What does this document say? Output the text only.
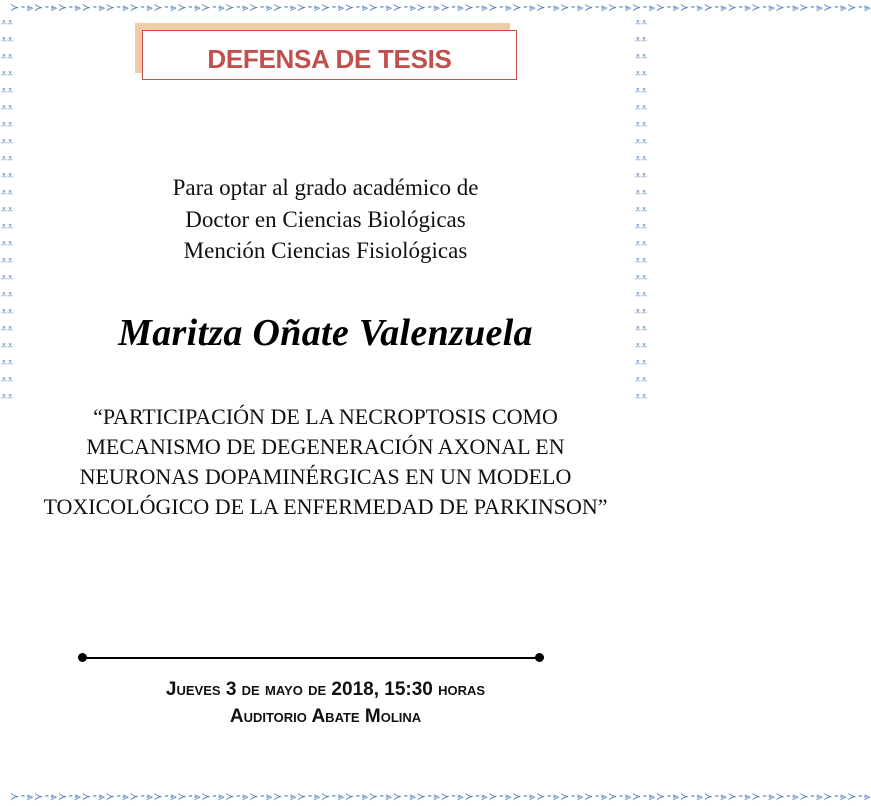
≻⁃⪢≻⁃⪢≻⁃⪢≻⁃⪢≻⁃⪢≻⁃⪢≻⁃⪢≻⁃⪢≻⁃⪢≻⁃⪢≻⁃⪢≻⁃⪢≻⁃⪢≻⁃⪢≻⁃⪢≻⁃⪢≻⁃⪢≻⁃⪢≻⁃⪢≻⁃⪢≻⁃⪢≻⁃⪢≻⁃⪢≻⁃⪢≻⁃⪢≻⁃⪢≻⁃⪢≻⁃⪢≻⁃⪢≻⁃⪢≻⁃⪢≻⁃⪢≻⁃⪢≻⁃⪢≻⁃⪢≻⁃⪢
≻⁃⪢≻⁃⪢≻⁃⪢≻⁃⪢≻⁃⪢≻⁃⪢≻⁃⪢≻⁃⪢≻⁃⪢≻⁃⪢≻⁃⪢≻⁃⪢≻⁃⪢≻⁃⪢≻⁃⪢≻⁃⪢≻⁃⪢≻⁃⪢≻⁃⪢≻⁃⪢≻⁃⪢≻⁃⪢≻⁃⪢≻⁃⪢≻⁃⪢≻⁃⪢≻⁃⪢≻⁃⪢≻⁃⪢≻⁃⪢≻⁃⪢≻⁃⪢≻⁃⪢≻⁃⪢≻⁃⪢≻⁃⪢
⩡⩡⩡⩡⩡⩡⩡⩡⩡⩡⩡⩡⩡⩡⩡⩡⩡⩡⩡⩡⩡⩡⩡⩡⩡⩡⩡⩡⩡⩡⩡⩡⩡⩡⩡⩡⩡⩡⩡⩡⩡⩡⩡⩡⩡⩡
⩡⩡⩡⩡⩡⩡⩡⩡⩡⩡⩡⩡⩡⩡⩡⩡⩡⩡⩡⩡⩡⩡⩡⩡⩡⩡⩡⩡⩡⩡⩡⩡⩡⩡⩡⩡⩡⩡⩡⩡⩡⩡⩡⩡⩡⩡
DEFENSA DE TESIS
Para optar al grado académico de
Doctor en Ciencias Biológicas
Mención Ciencias Fisiológicas
Maritza Oñate Valenzuela
“PARTICIPACIÓN DE LA NECROPTOSIS COMO
MECANISMO DE DEGENERACIÓN AXONAL EN
NEURONAS DOPAMINÉRGICAS EN UN MODELO
TOXICOLÓGICO DE LA ENFERMEDAD DE PARKINSON”
Jueves 3 de mayo de 2018, 15:30 horas
Auditorio Abate Molina
